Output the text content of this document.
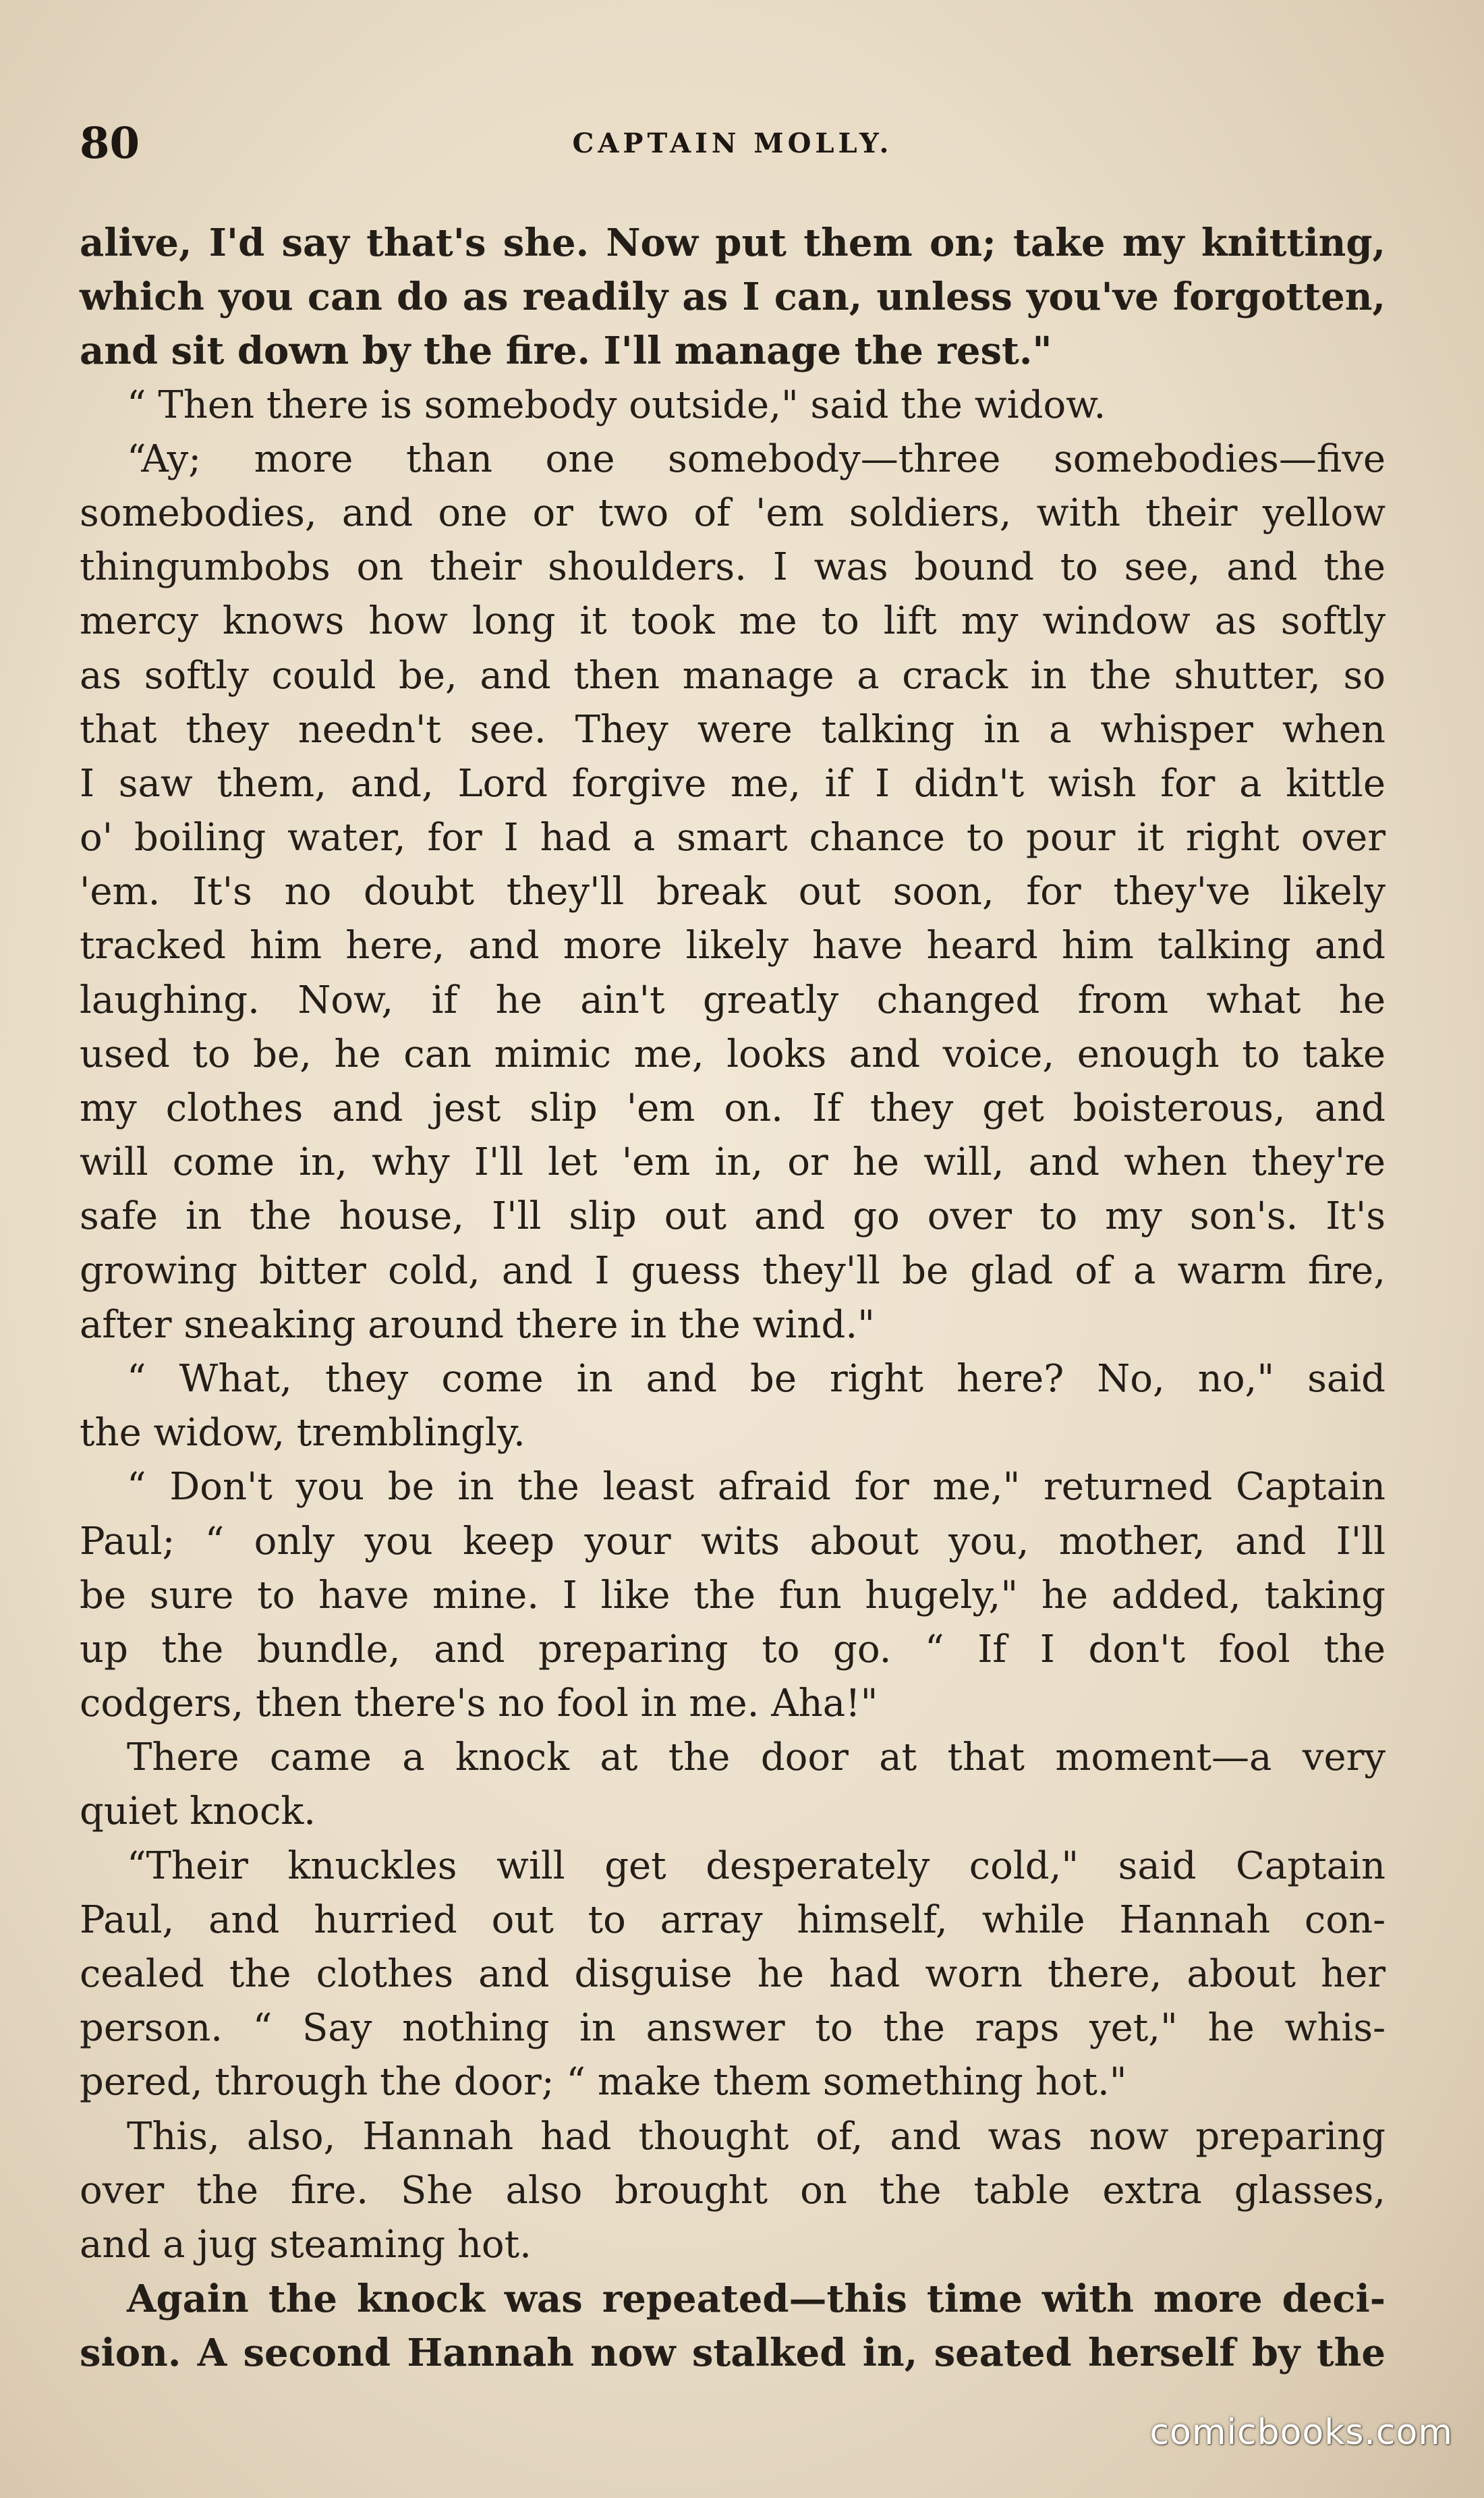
80	CAPTAIN MOLLY.
alive, I'd say that's she. Now put them on; take my knitting,
which you can do as readily as I can, unless you've forgotten,
and sit down by the fire. I'll manage the rest."
“ Then there is somebody outside," said the widow.
“Ay; more than one somebody—three somebodies—five
somebodies, and one or two of 'em soldiers, with their yellow
thingumbobs on their shoulders. I was bound to see, and the
mercy knows how long it took me to lift my window as softly
as softly could be, and then manage a crack in the shutter, so
that they needn't see. They were talking in a whisper when
I saw them, and, Lord forgive me, if I didn't wish for a kittle
o' boiling water, for I had a smart chance to pour it right over
'em. It's no doubt they'll break out soon, for they've likely
tracked him here, and more likely have heard him talking and
laughing. Now, if he ain't greatly changed from what he
used to be, he can mimic me, looks and voice, enough to take
my clothes and jest slip 'em on. If they get boisterous, and
will come in, why I'll let 'em in, or he will, and when they're
safe in the house, I'll slip out and go over to my son's. It's
growing bitter cold, and I guess they'll be glad of a warm fire,
after sneaking around there in the wind."
“ What, they come in and be right here? No, no," said
the widow, tremblingly.
“ Don't you be in the least afraid for me," returned Captain
Paul; “ only you keep your wits about you, mother, and I'll
be sure to have mine. I like the fun hugely," he added, taking
up the bundle, and preparing to go. “ If I don't fool the
codgers, then there's no fool in me. Aha!"
There came a knock at the door at that moment—a very
quiet knock.
“Their knuckles will get desperately cold," said Captain
Paul, and hurried out to array himself, while Hannah con-
cealed the clothes and disguise he had worn there, about her
person. “ Say nothing in answer to the raps yet," he whis-
pered, through the door; “ make them something hot."
This, also, Hannah had thought of, and was now preparing
over the fire. She also brought on the table extra glasses,
and a jug steaming hot.
Again the knock was repeated—this time with more deci-
sion. A second Hannah now stalked in, seated herself by the
comicbooks.com
